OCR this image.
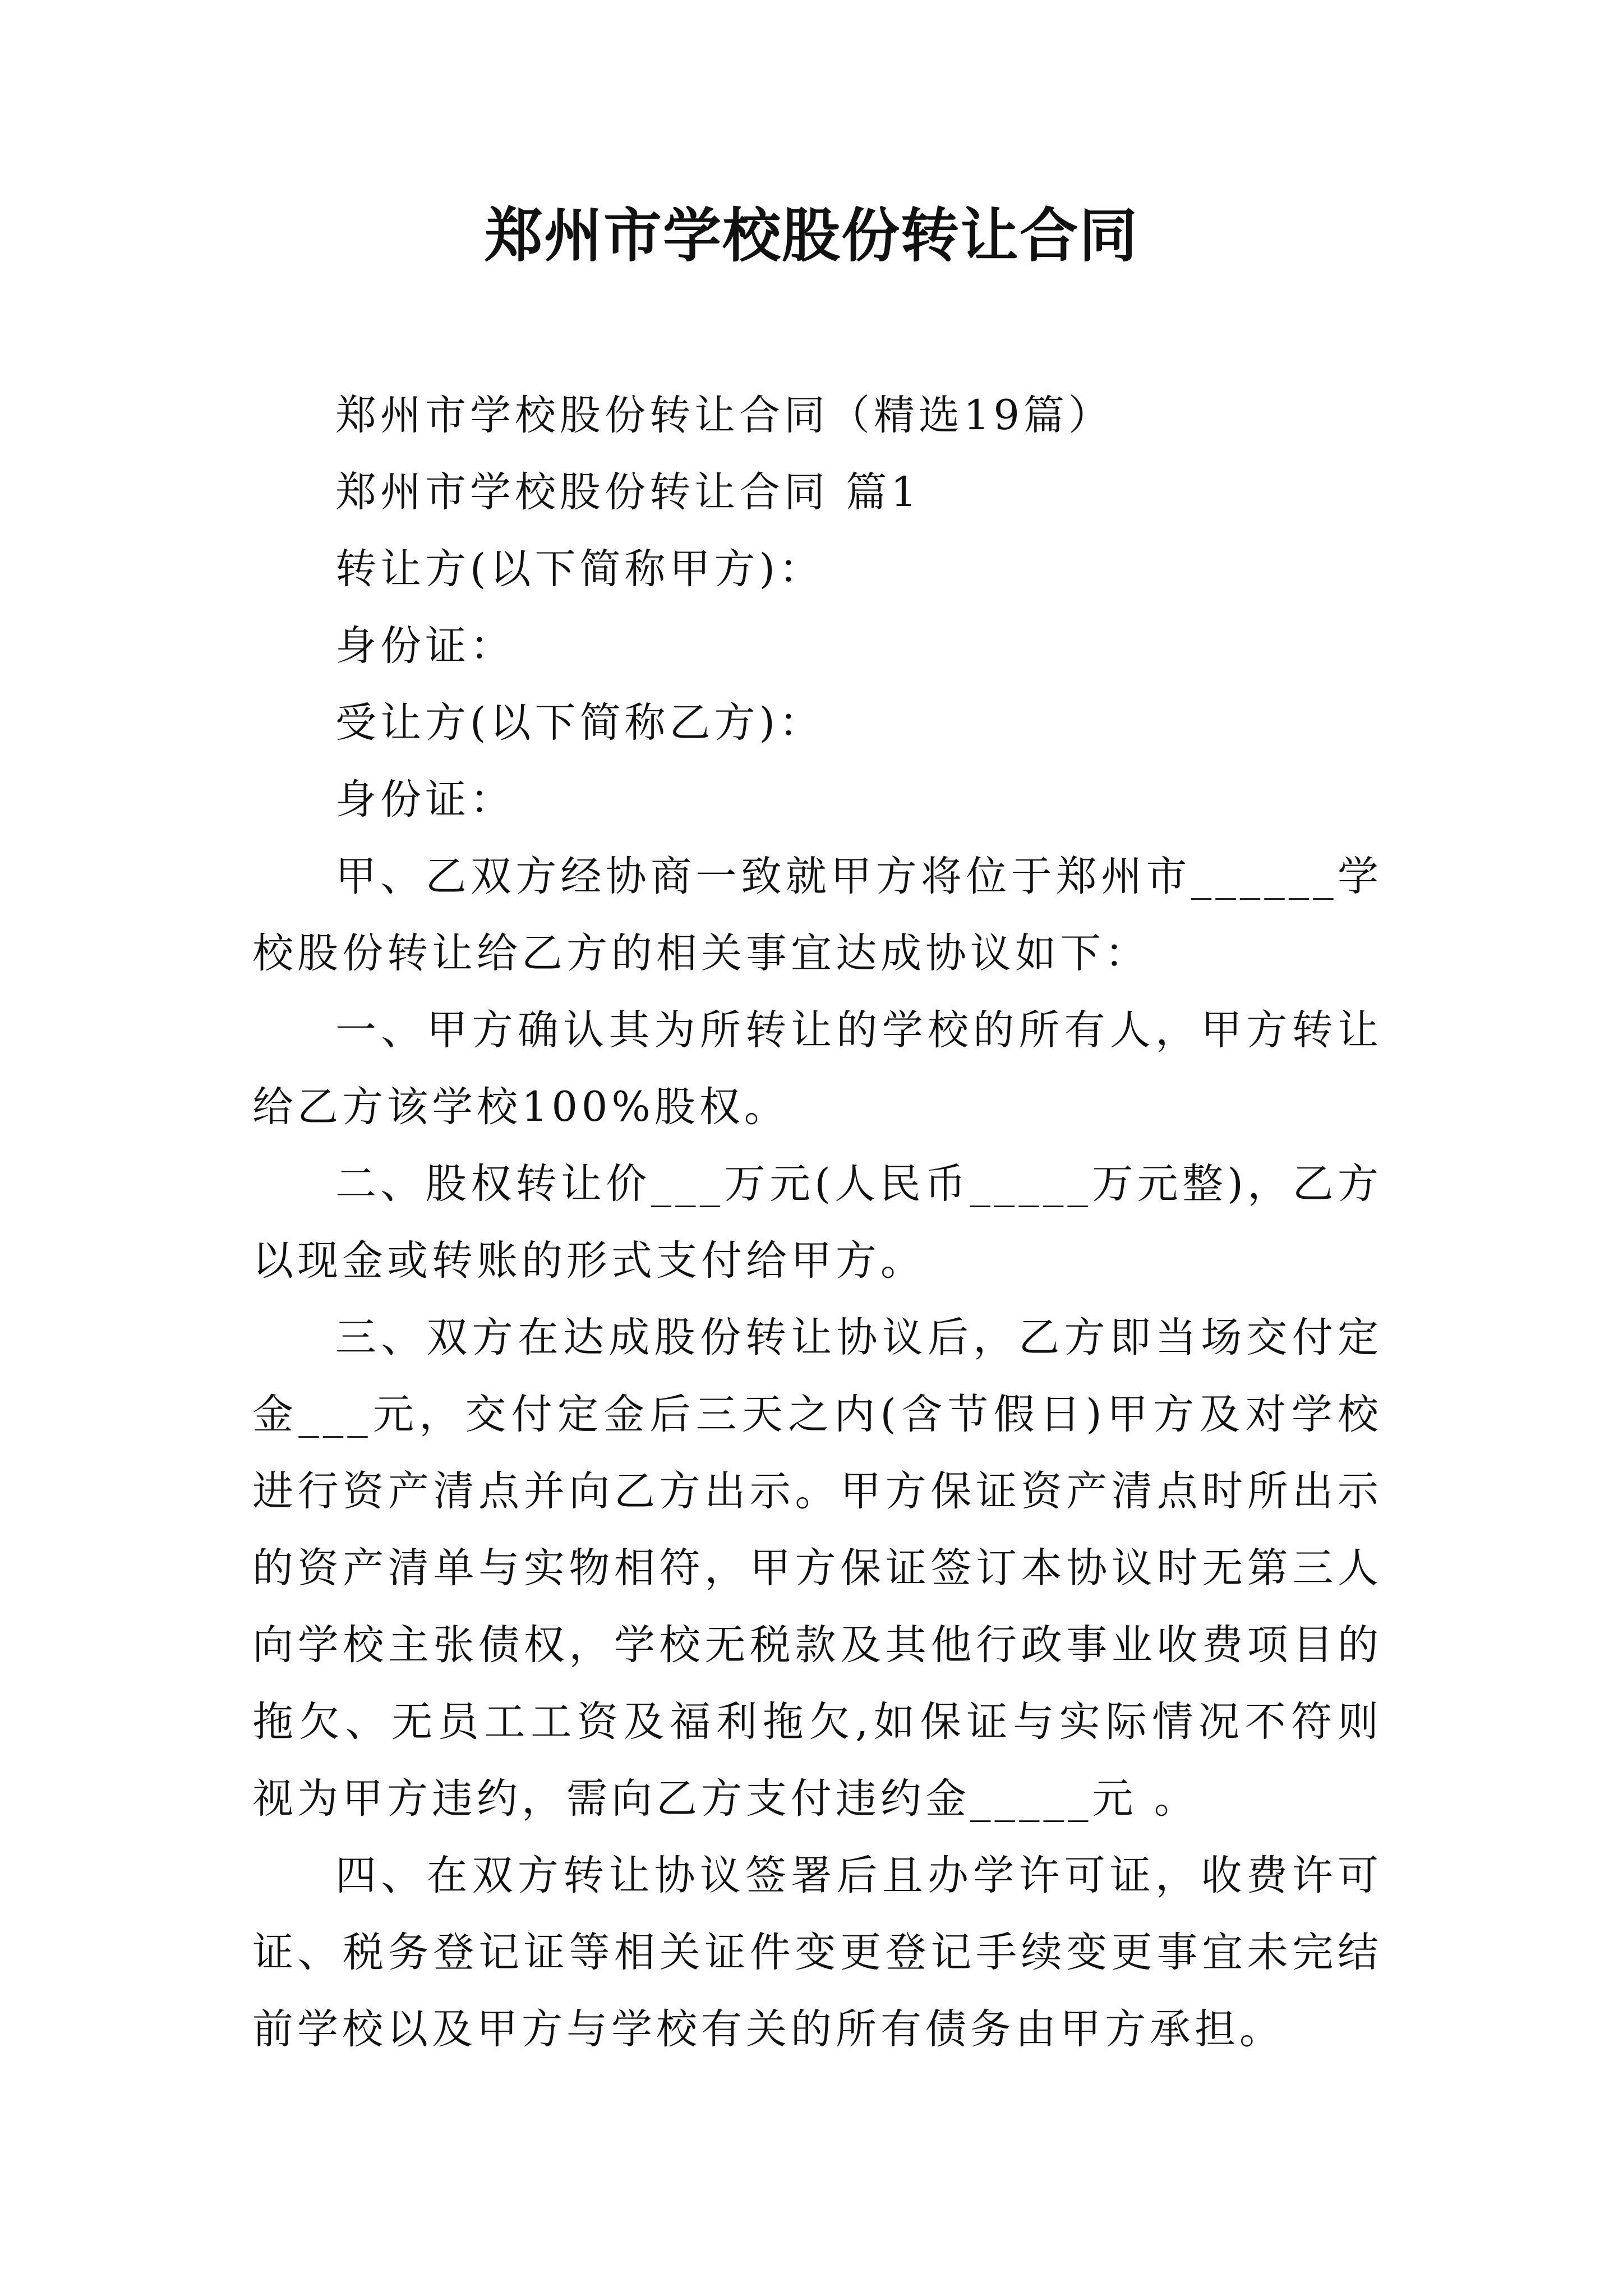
郑州市学校股份转让合同

郑州市学校股份转让合同（精选19篇）

郑州市学校股份转让合同 篇1

转让方(以下简称甲方)：

身份证：

受让方(以下简称乙方)：

身份证：

甲、乙双方经协商一致就甲方将位于郑州市______学校股份转让给乙方的相关事宜达成协议如下：

一、甲方确认其为所转让的学校的所有人，甲方转让给乙方该学校100%股权。

二、股权转让价___万元(人民币_____万元整)，乙方以现金或转账的形式支付给甲方。

三、双方在达成股份转让协议后，乙方即当场交付定金___元，交付定金后三天之内(含节假日)甲方及对学校进行资产清点并向乙方出示。甲方保证资产清点时所出示的资产清单与实物相符，甲方保证签订本协议时无第三人向学校主张债权，学校无税款及其他行政事业收费项目的拖欠、无员工工资及福利拖欠,如保证与实际情况不符则视为甲方违约，需向乙方支付违约金_____元 。

四、在双方转让协议签署后且办学许可证，收费许可证、税务登记证等相关证件变更登记手续变更事宜未完结前学校以及甲方与学校有关的所有债务由甲方承担。
